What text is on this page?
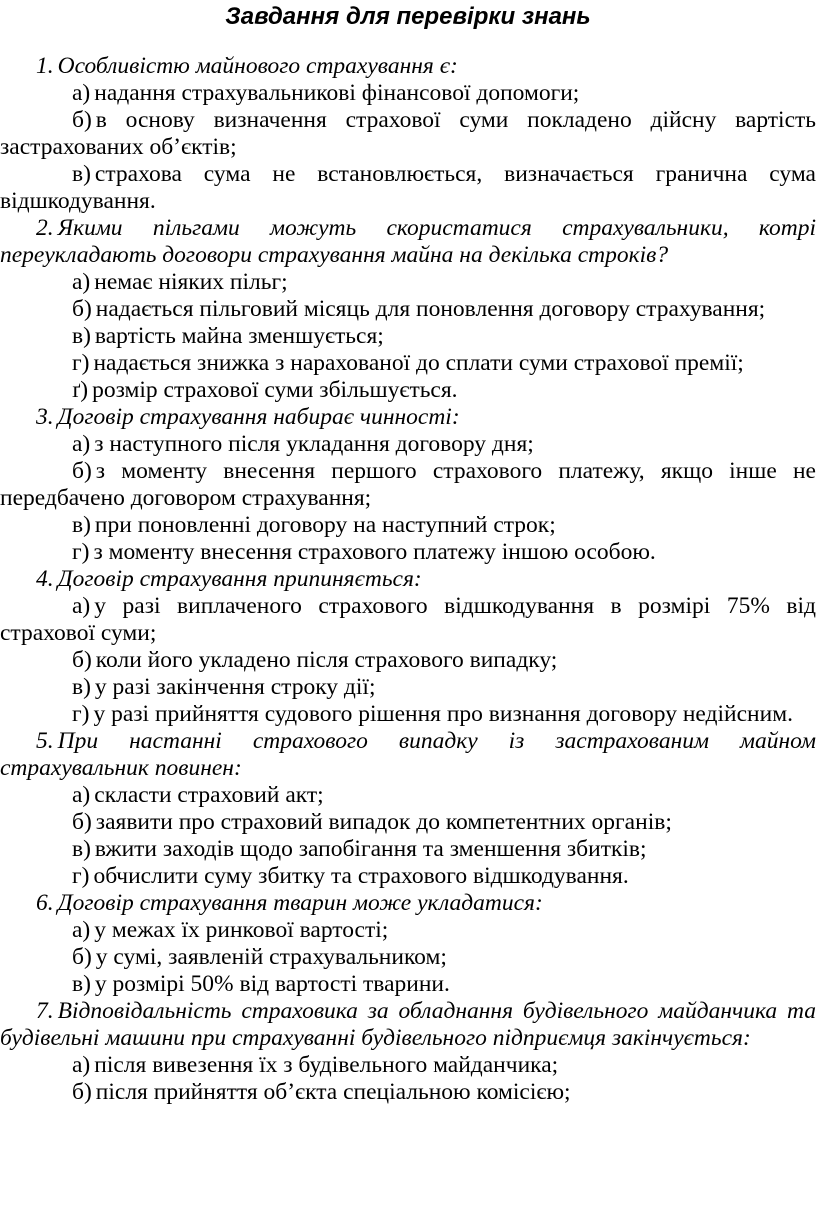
Завдання для перевірки знань

1. Особливістю майнового страхування є:

а) надання страхувальникові фінансової допомоги;

б) в основу визначення страхової суми покладено дійсну вартість застрахованих об’єктів;

в) страхова сума не встановлюється, визначається гранична сума відшкодування.

2. Якими пільгами можуть скористатися страхувальники, котрі переукладають договори страхування майна на декілька строків?

а) немає ніяких пільг;

б) надається пільговий місяць для поновлення договору страхування;

в) вартість майна зменшується;

г) надається знижка з нарахованої до сплати суми страхової премії;

ґ) розмір страхової суми збільшується.

3. Договір страхування набирає чинності:

а) з наступного після укладання договору дня;

б) з моменту внесення першого страхового платежу, якщо інше не передбачено договором страхування;

в) при поновленні договору на наступний строк;

г) з моменту внесення страхового платежу іншою особою.

4. Договір страхування припиняється:

а) у разі виплаченого страхового відшкодування в розмірі 75% від страхової суми;

б) коли його укладено після страхового випадку;

в) у разі закінчення строку дії;

г) у разі прийняття судового рішення про визнання договору недійсним.

5. При настанні страхового випадку із застрахованим майном страхувальник повинен:

а) скласти страховий акт;

б) заявити про страховий випадок до компетентних органів;

в) вжити заходів щодо запобігання та зменшення збитків;

г) обчислити суму збитку та страхового відшкодування.

6. Договір страхування тварин може укладатися:

а) у межах їх ринкової вартості;

б) у сумі, заявленій страхувальником;

в) у розмірі 50% від вартості тварини.

7. Відповідальність страховика за обладнання будівельного майданчика та будівельні машини при страхуванні будівельного підприємця закінчується:

а) після вивезення їх з будівельного майданчика;

б) після прийняття об’єкта спеціальною комісією;
